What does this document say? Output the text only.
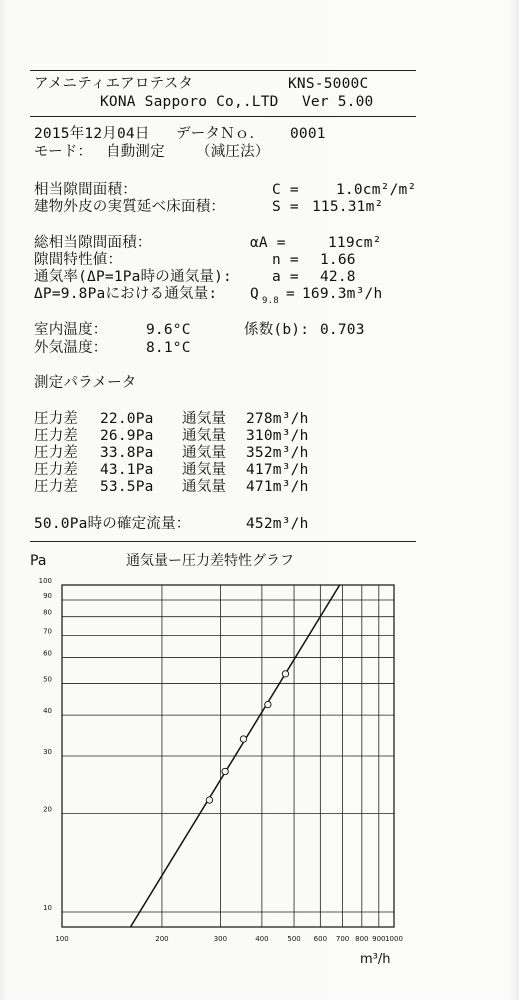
アメニティエアロテスタ	KNS-5000C
KONA Sapporo Co,.LTD Ver 5.00
2015年12月04日 データＮｏ． 0001
モード： 自動測定 （減圧法）
相当隙間面積：	C =	1.0cm²/m²
建物外皮の実質延べ床面積：	S = 115.31m²
総相当隙間面積：	αA =	119cm²
隙間特性値：	n = 1.66
通気率(ΔP=1Pa時の通気量):	a = 42.8
ΔP=9.8Paにおける通気量: Q 9.8 = 169.3m³/h
室内温度：	9.6°C	係数(b): 0.703
外気温度：	8.1°C
測定パラメータ
圧力差 22.0Pa 通気量 278m³/h
圧力差 26.9Pa 通気量 310m³/h
圧力差 33.8Pa 通気量 352m³/h
圧力差 43.1Pa 通気量 417m³/h
圧力差 53.5Pa 通気量 471m³/h
50.0Pa時の確定流量：	452m³/h
Pa	通気量ー圧力差特性グラフ
m³/h
100	200	300	400	500 600 700 800 900 1000
10
20
30
40
50
60
70
80
90
100
